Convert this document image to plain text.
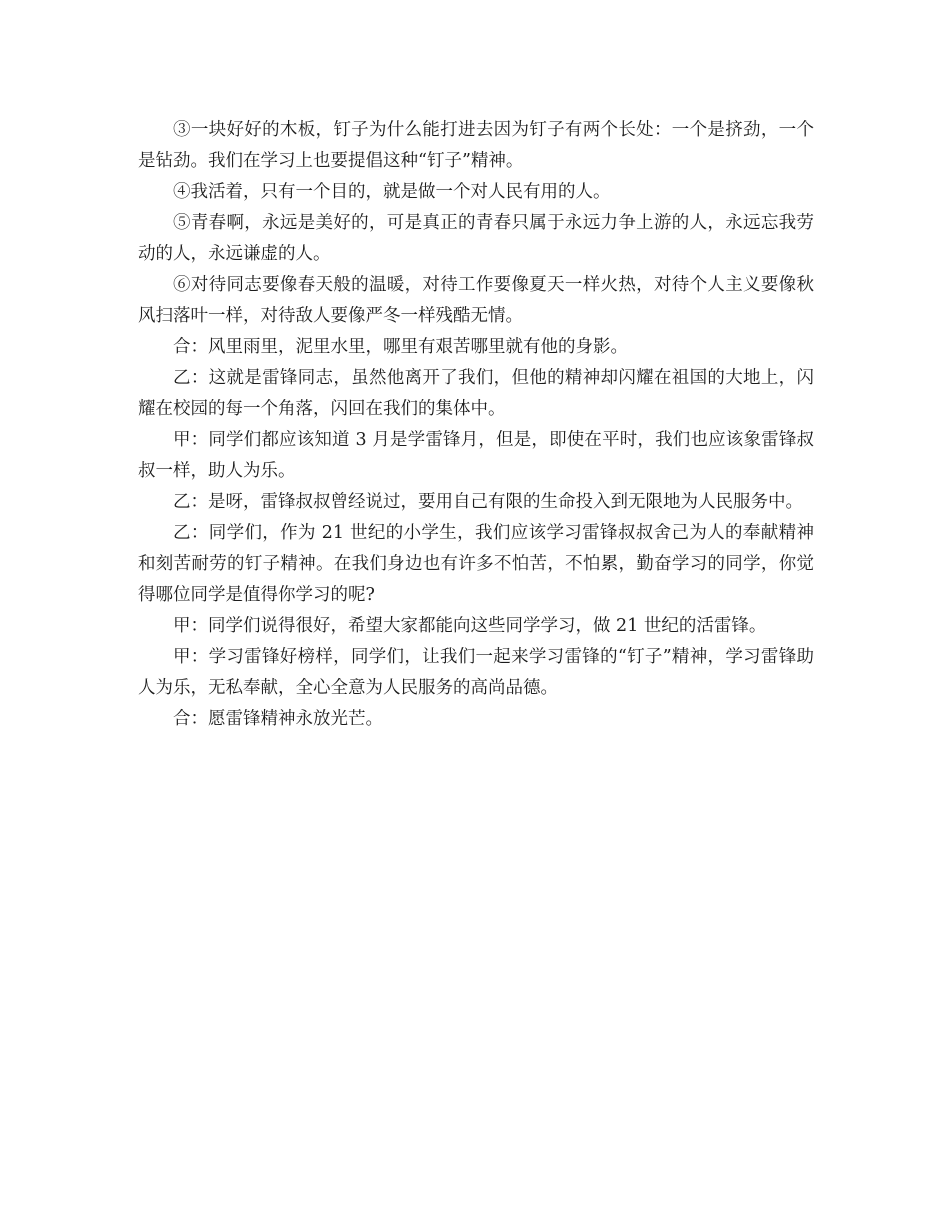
③一块好好的木板，钉子为什么能打进去因为钉子有两个长处：一个是挤劲，一个是钻劲。我们在学习上也要提倡这种“钉子”精神。

④我活着，只有一个目的，就是做一个对人民有用的人。

⑤青春啊，永远是美好的，可是真正的青春只属于永远力争上游的人，永远忘我劳动的人，永远谦虚的人。

⑥对待同志要像春天般的温暖，对待工作要像夏天一样火热，对待个人主义要像秋风扫落叶一样，对待敌人要像严冬一样残酷无情。

合：风里雨里，泥里水里，哪里有艰苦哪里就有他的身影。

乙：这就是雷锋同志，虽然他离开了我们，但他的精神却闪耀在祖国的大地上，闪耀在校园的每一个角落，闪回在我们的集体中。

甲：同学们都应该知道 3 月是学雷锋月，但是，即使在平时，我们也应该象雷锋叔叔一样，助人为乐。

乙：是呀，雷锋叔叔曾经说过，要用自己有限的生命投入到无限地为人民服务中。

乙：同学们，作为 21 世纪的小学生，我们应该学习雷锋叔叔舍己为人的奉献精神和刻苦耐劳的钉子精神。在我们身边也有许多不怕苦，不怕累，勤奋学习的同学，你觉得哪位同学是值得你学习的呢?

甲：同学们说得很好，希望大家都能向这些同学学习，做 21 世纪的活雷锋。

甲：学习雷锋好榜样，同学们，让我们一起来学习雷锋的“钉子”精神，学习雷锋助人为乐，无私奉献，全心全意为人民服务的高尚品德。

合：愿雷锋精神永放光芒。
